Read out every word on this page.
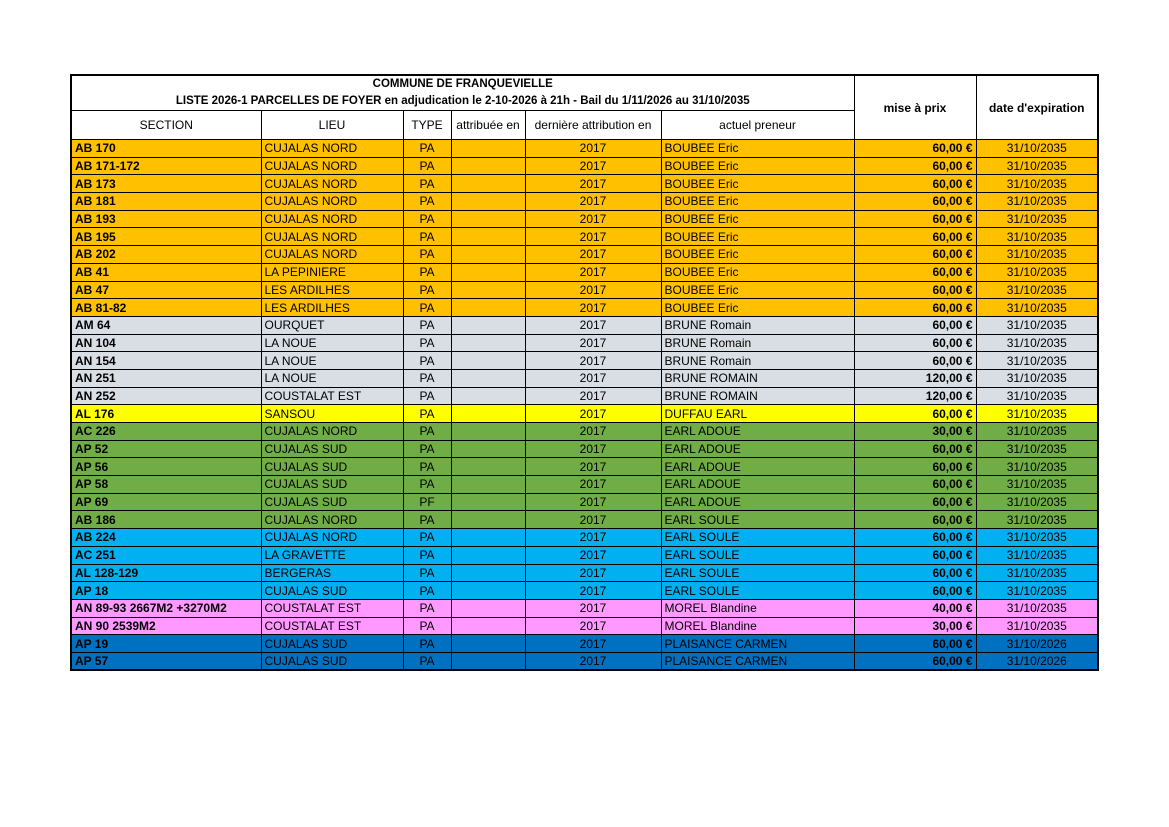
COMMUNE DE FRANQUEVIELLE
LISTE 2026-1 PARCELLES DE FOYER en adjudication le 2-10-2026 à 21h - Bail du 1/11/2026 au 31/10/2035						mise à prix	date d'expiration
SECTION	LIEU	TYPE	attribuée en	dernière attribution en	actuel preneur		
AB 170	CUJALAS NORD	PA		2017	BOUBEE Eric	60,00 €	31/10/2035
AB 171-172	CUJALAS NORD	PA		2017	BOUBEE Eric	60,00 €	31/10/2035
AB 173	CUJALAS NORD	PA		2017	BOUBEE Eric	60,00 €	31/10/2035
AB 181	CUJALAS NORD	PA		2017	BOUBEE Eric	60,00 €	31/10/2035
AB 193	CUJALAS NORD	PA		2017	BOUBEE Eric	60,00 €	31/10/2035
AB 195	CUJALAS NORD	PA		2017	BOUBEE Eric	60,00 €	31/10/2035
AB 202	CUJALAS NORD	PA		2017	BOUBEE Eric	60,00 €	31/10/2035
AB 41	LA PEPINIERE	PA		2017	BOUBEE Eric	60,00 €	31/10/2035
AB 47	LES ARDILHES	PA		2017	BOUBEE Eric	60,00 €	31/10/2035
AB 81-82	LES ARDILHES	PA		2017	BOUBEE Eric	60,00 €	31/10/2035
AM 64	OURQUET	PA		2017	BRUNE Romain	60,00 €	31/10/2035
AN 104	LA NOUE	PA		2017	BRUNE Romain	60,00 €	31/10/2035
AN 154	LA NOUE	PA		2017	BRUNE Romain	60,00 €	31/10/2035
AN 251	LA NOUE	PA		2017	BRUNE ROMAIN	120,00 €	31/10/2035
AN 252	COUSTALAT EST	PA		2017	BRUNE ROMAIN	120,00 €	31/10/2035
AL 176	SANSOU	PA		2017	DUFFAU EARL	60,00 €	31/10/2035
AC 226	CUJALAS NORD	PA		2017	EARL ADOUE	30,00 €	31/10/2035
AP 52	CUJALAS SUD	PA		2017	EARL ADOUE	60,00 €	31/10/2035
AP 56	CUJALAS SUD	PA		2017	EARL ADOUE	60,00 €	31/10/2035
AP 58	CUJALAS SUD	PA		2017	EARL ADOUE	60,00 €	31/10/2035
AP 69	CUJALAS SUD	PF		2017	EARL ADOUE	60,00 €	31/10/2035
AB 186	CUJALAS NORD	PA		2017	EARL SOULE	60,00 €	31/10/2035
AB 224	CUJALAS NORD	PA		2017	EARL SOULE	60,00 €	31/10/2035
AC 251	LA GRAVETTE	PA		2017	EARL SOULE	60,00 €	31/10/2035
AL 128-129	BERGERAS	PA		2017	EARL SOULE	60,00 €	31/10/2035
AP 18	CUJALAS SUD	PA		2017	EARL SOULE	60,00 €	31/10/2035
AN 89-93 2667M2 +3270M2	COUSTALAT EST	PA		2017	MOREL Blandine	40,00 €	31/10/2035
AN 90 2539M2	COUSTALAT EST	PA		2017	MOREL Blandine	30,00 €	31/10/2035
AP 19	CUJALAS SUD	PA		2017	PLAISANCE CARMEN	60,00 €	31/10/2026
AP 57	CUJALAS SUD	PA		2017	PLAISANCE CARMEN	60,00 €	31/10/2026
